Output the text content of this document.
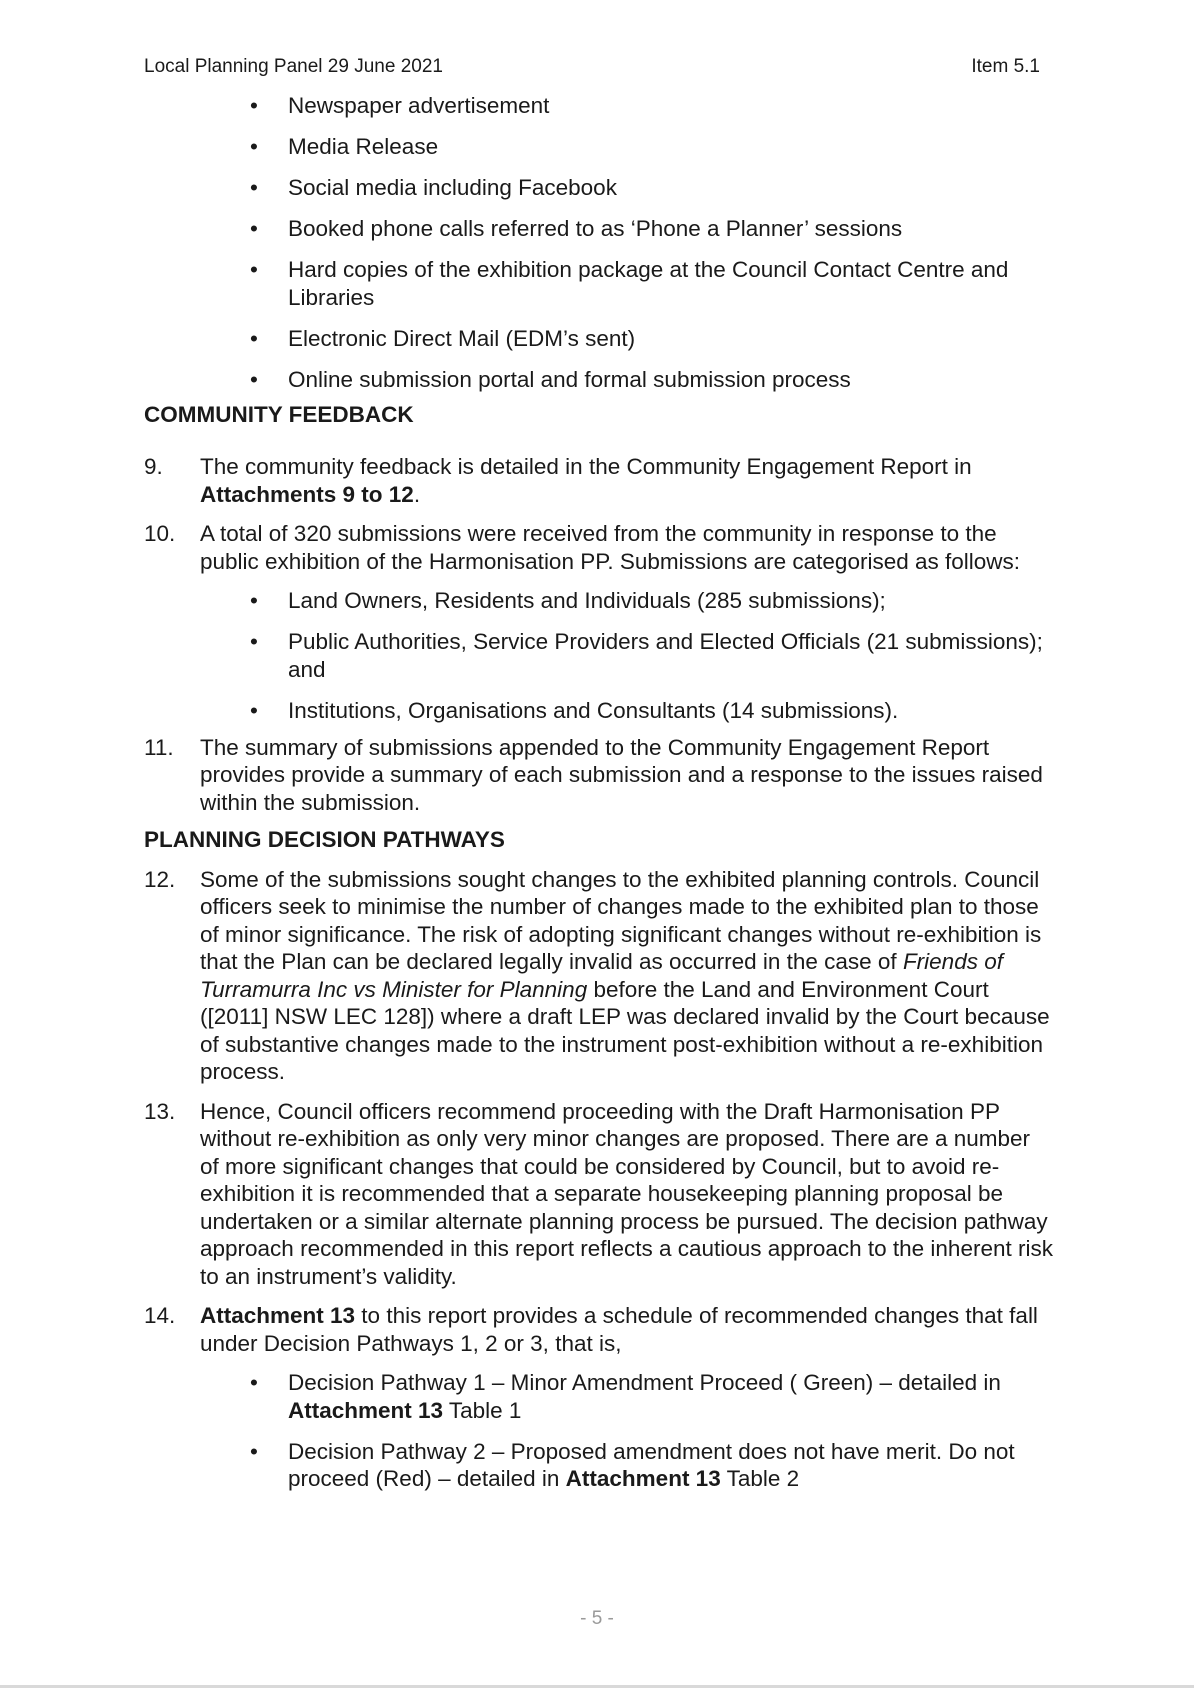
Local Planning Panel 29 June 2021	Item 5.1
• Newspaper advertisement
• Media Release
• Social media including Facebook
• Booked phone calls referred to as ‘Phone a Planner’ sessions
• Hard copies of the exhibition package at the Council Contact Centre and Libraries
• Electronic Direct Mail (EDM’s sent)
• Online submission portal and formal submission process
COMMUNITY FEEDBACK
9. The community feedback is detailed in the Community Engagement Report in Attachments 9 to 12.
10. A total of 320 submissions were received from the community in response to the public exhibition of the Harmonisation PP. Submissions are categorised as follows:
• Land Owners, Residents and Individuals (285 submissions);
• Public Authorities, Service Providers and Elected Officials (21 submissions); and
• Institutions, Organisations and Consultants (14 submissions).
11. The summary of submissions appended to the Community Engagement Report provides provide a summary of each submission and a response to the issues raised within the submission.
PLANNING DECISION PATHWAYS
12. Some of the submissions sought changes to the exhibited planning controls. Council officers seek to minimise the number of changes made to the exhibited plan to those of minor significance. The risk of adopting significant changes without re-exhibition is that the Plan can be declared legally invalid as occurred in the case of Friends of Turramurra Inc vs Minister for Planning before the Land and Environment Court ([2011] NSW LEC 128]) where a draft LEP was declared invalid by the Court because of substantive changes made to the instrument post-exhibition without a re-exhibition process.
13. Hence, Council officers recommend proceeding with the Draft Harmonisation PP without re-exhibition as only very minor changes are proposed. There are a number of more significant changes that could be considered by Council, but to avoid re-exhibition it is recommended that a separate housekeeping planning proposal be undertaken or a similar alternate planning process be pursued. The decision pathway approach recommended in this report reflects a cautious approach to the inherent risk to an instrument’s validity.
14. Attachment 13 to this report provides a schedule of recommended changes that fall under Decision Pathways 1, 2 or 3, that is,
• Decision Pathway 1 – Minor Amendment Proceed ( Green) – detailed in Attachment 13 Table 1
• Decision Pathway 2 – Proposed amendment does not have merit. Do not proceed (Red) – detailed in Attachment 13 Table 2
- 5 -
